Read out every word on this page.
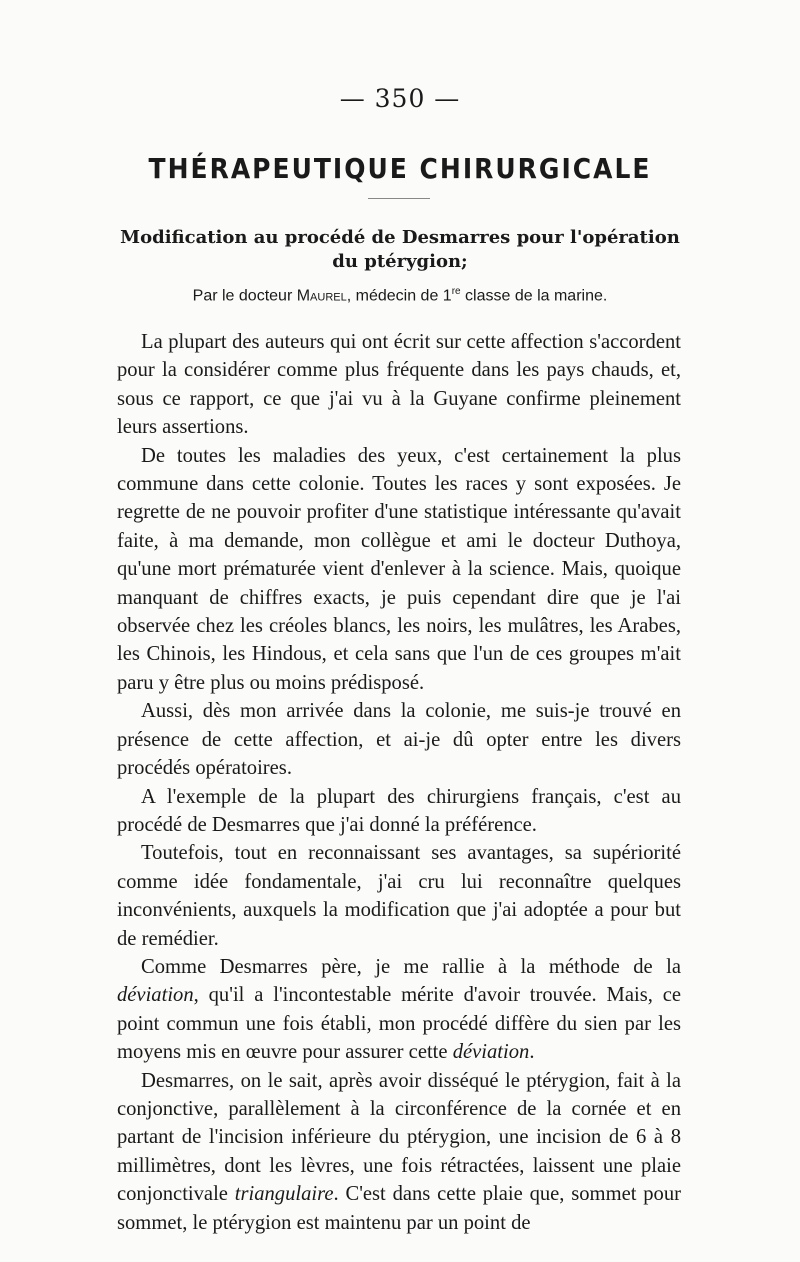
— 350 —
THÉRAPEUTIQUE CHIRURGICALE
Modification au procédé de Desmarres pour l'opération
du ptérygion;
Par le docteur Maurel, médecin de 1re classe de la marine.

La plupart des auteurs qui ont écrit sur cette affection s'accordent pour la considérer comme plus fréquente dans les pays chauds, et, sous ce rapport, ce que j'ai vu à la Guyane confirme pleinement leurs assertions.

De toutes les maladies des yeux, c'est certainement la plus commune dans cette colonie. Toutes les races y sont exposées. Je regrette de ne pouvoir profiter d'une statistique intéressante qu'avait faite, à ma demande, mon collègue et ami le docteur Duthoya, qu'une mort prématurée vient d'enlever à la science. Mais, quoique manquant de chiffres exacts, je puis cependant dire que je l'ai observée chez les créoles blancs, les noirs, les mulâtres, les Arabes, les Chinois, les Hindous, et cela sans que l'un de ces groupes m'ait paru y être plus ou moins prédisposé.

Aussi, dès mon arrivée dans la colonie, me suis-je trouvé en présence de cette affection, et ai-je dû opter entre les divers procédés opératoires.

A l'exemple de la plupart des chirurgiens français, c'est au procédé de Desmarres que j'ai donné la préférence.

Toutefois, tout en reconnaissant ses avantages, sa supériorité comme idée fondamentale, j'ai cru lui reconnaître quelques inconvénients, auxquels la modification que j'ai adoptée a pour but de remédier.

Comme Desmarres père, je me rallie à la méthode de la déviation, qu'il a l'incontestable mérite d'avoir trouvée. Mais, ce point commun une fois établi, mon procédé diffère du sien par les moyens mis en œuvre pour assurer cette déviation.

Desmarres, on le sait, après avoir disséqué le ptérygion, fait à la conjonctive, parallèlement à la circonférence de la cornée et en partant de l'incision inférieure du ptérygion, une incision de 6 à 8 millimètres, dont les lèvres, une fois rétractées, laissent une plaie conjonctivale triangulaire. C'est dans cette plaie que, sommet pour sommet, le ptérygion est maintenu par un point de
